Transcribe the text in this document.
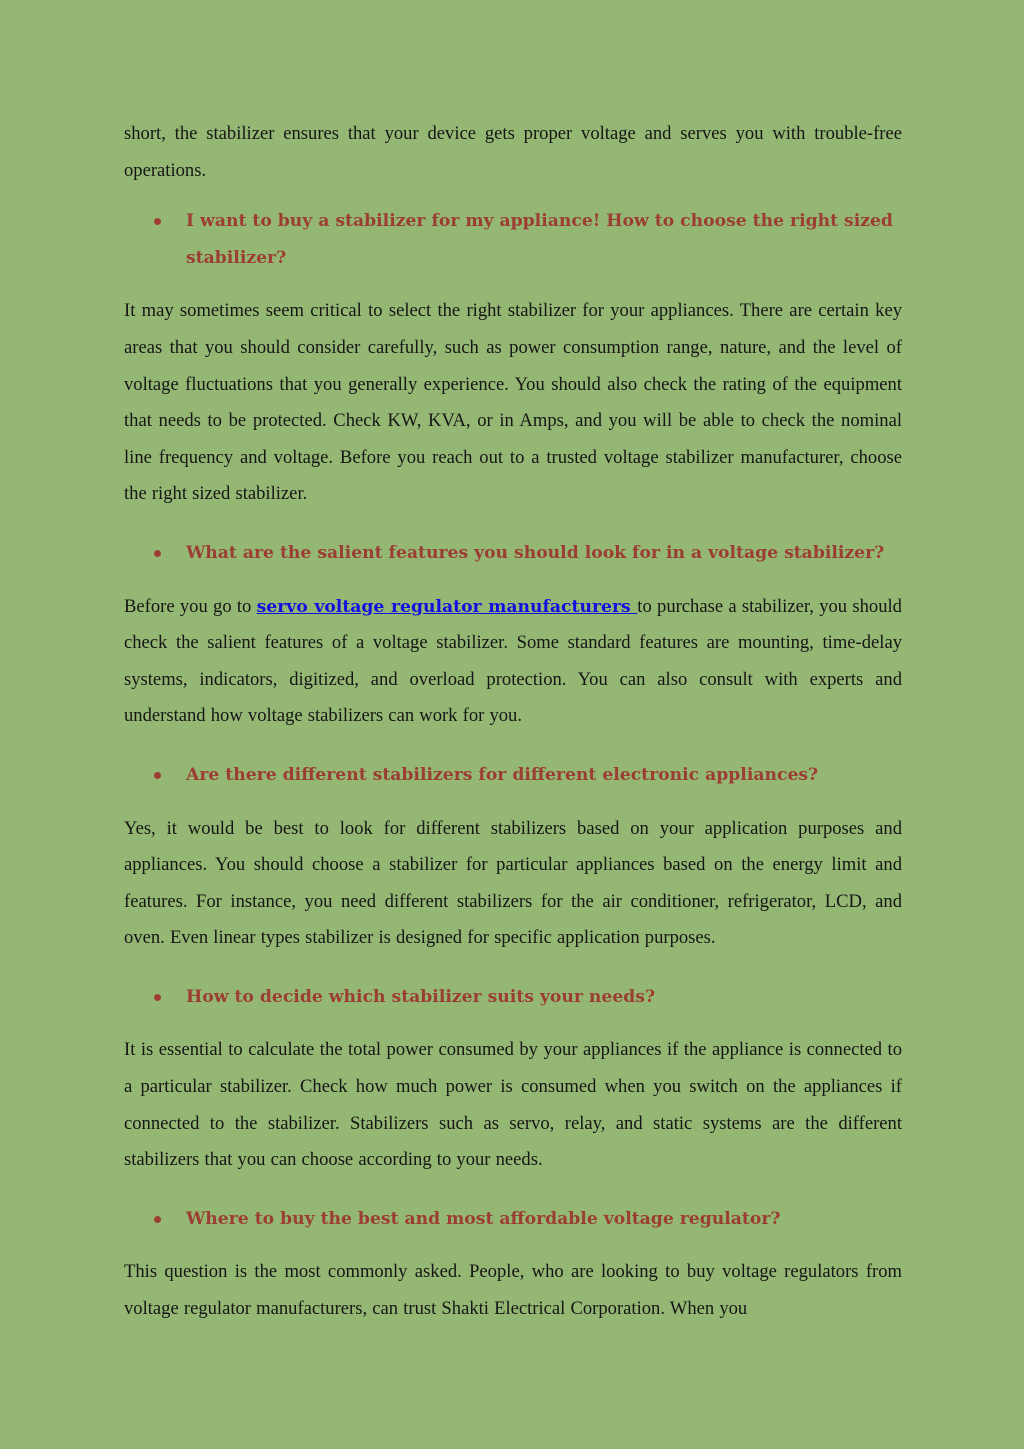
short, the stabilizer ensures that your device gets proper voltage and serves you with trouble-free operations.

I want to buy a stabilizer for my appliance! How to choose the right sized stabilizer?

It may sometimes seem critical to select the right stabilizer for your appliances. There are certain key areas that you should consider carefully, such as power consumption range, nature, and the level of voltage fluctuations that you generally experience. You should also check the rating of the equipment that needs to be protected. Check KW, KVA, or in Amps, and you will be able to check the nominal line frequency and voltage. Before you reach out to a trusted voltage stabilizer manufacturer, choose the right sized stabilizer.

What are the salient features you should look for in a voltage stabilizer?

Before you go to servo voltage regulator manufacturers to purchase a stabilizer, you should check the salient features of a voltage stabilizer. Some standard features are mounting, time-delay systems, indicators, digitized, and overload protection. You can also consult with experts and understand how voltage stabilizers can work for you.

Are there different stabilizers for different electronic appliances?

Yes, it would be best to look for different stabilizers based on your application purposes and appliances. You should choose a stabilizer for particular appliances based on the energy limit and features. For instance, you need different stabilizers for the air conditioner, refrigerator, LCD, and oven. Even linear types stabilizer is designed for specific application purposes.

How to decide which stabilizer suits your needs?

It is essential to calculate the total power consumed by your appliances if the appliance is connected to a particular stabilizer. Check how much power is consumed when you switch on the appliances if connected to the stabilizer. Stabilizers such as servo, relay, and static systems are the different stabilizers that you can choose according to your needs.

Where to buy the best and most affordable voltage regulator?

This question is the most commonly asked. People, who are looking to buy voltage regulators from voltage regulator manufacturers, can trust Shakti Electrical Corporation. When you
